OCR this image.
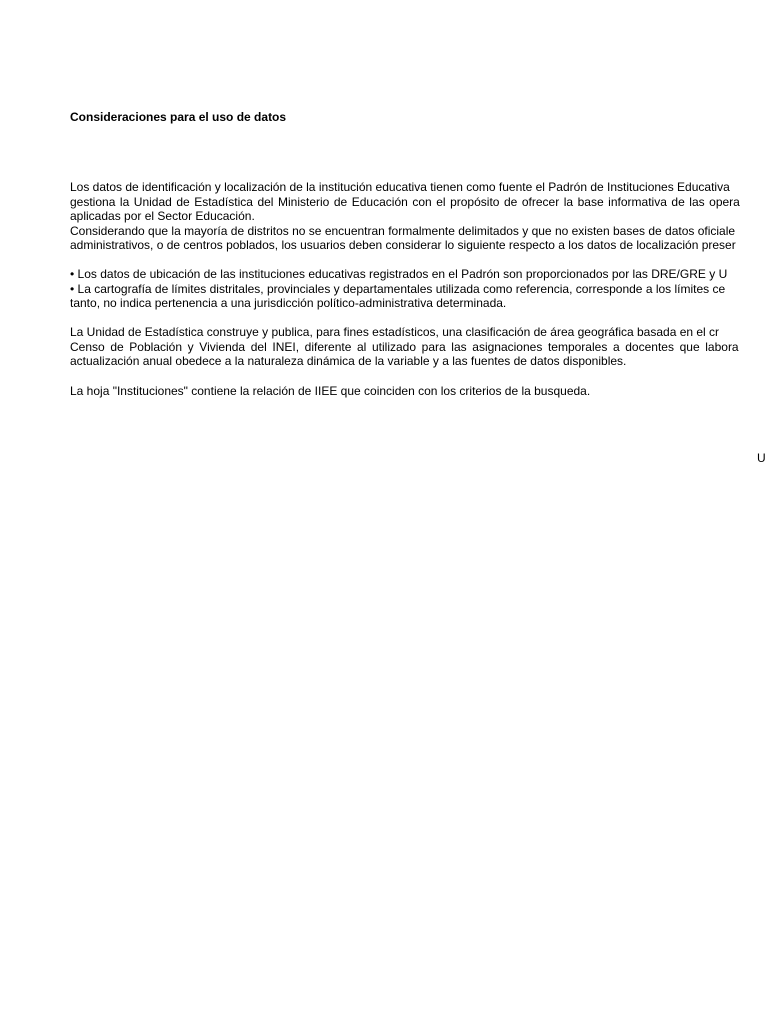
Consideraciones para el uso de datos
Los datos de identificación y localización de la institución educativa tienen como fuente el Padrón de Instituciones Educativa
gestiona la Unidad de Estadística del Ministerio de Educación con el propósito de ofrecer la base informativa de las opera
aplicadas por el Sector Educación.
Considerando que la mayoría de distritos no se encuentran formalmente delimitados y que no existen bases de datos oficiale
administrativos, o de centros poblados, los usuarios deben considerar lo siguiente respecto a los datos de localización preser
• Los datos de ubicación de las instituciones educativas registrados en el Padrón son proporcionados por las DRE/GRE y U
• La cartografía de límites distritales, provinciales y departamentales utilizada como referencia, corresponde a los límites ce
tanto, no indica pertenencia a una jurisdicción político-administrativa determinada.
La Unidad de Estadística construye y publica, para fines estadísticos, una clasificación de área geográfica basada en el cr
Censo de Población y Vivienda del INEI, diferente al utilizado para las asignaciones temporales a docentes que labora
actualización anual obedece a la naturaleza dinámica de la variable y a las fuentes de datos disponibles.
La hoja "Instituciones" contiene la relación de IIEE que coinciden con los criterios de la busqueda.
U
